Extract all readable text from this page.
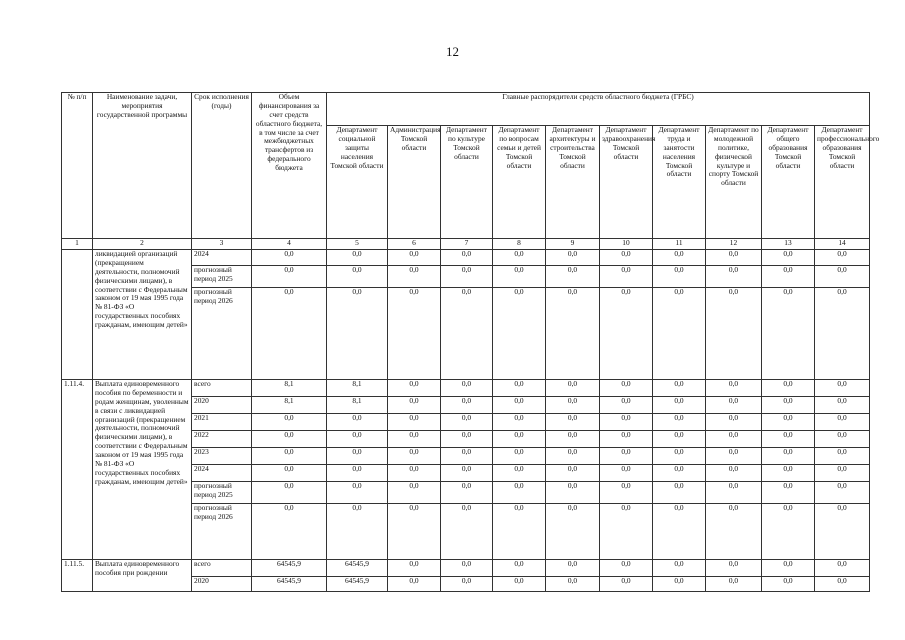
12
№ п/п	Наименование задачи, мероприятия государственной программы	Срок исполнения (годы)	Объем финансирования за счет средств областного бюджета, в том числе за счет межбюджетных трансфертов из федерального бюджета	Главные распорядители средств областного бюджета (ГРБС)									
				Департамент социальной защиты населения Томской области	Администрация Томской области	Департамент по культуре Томской области	Департамент по вопросам семьи и детей Томской области	Департамент архитектуры и строительства Томской области	Департамент здравоохранения Томской области	Департамент труда и занятости населения Томской области	Департамент по молодежной политике, физической культуре и спорту Томской области	Департамент общего образования Томской области	Департамент профессионального образования Томской области
1	2	3	4	5	6	7	8	9	10	11	12	13	14
	ликвидацией организаций (прекращением деятельности, полномочий физическими лицами), в соответствии с Федеральным законом от 19 мая 1995 года № 81-ФЗ «О государственных пособиях гражданам, имеющим детей»	2024	0,0	0,0	0,0	0,0	0,0	0,0	0,0	0,0	0,0	0,0	0,0
		прогнозный период 2025	0,0	0,0	0,0	0,0	0,0	0,0	0,0	0,0	0,0	0,0	0,0
		прогнозный период 2026	0,0	0,0	0,0	0,0	0,0	0,0	0,0	0,0	0,0	0,0	0,0
1.11.4.	Выплата единовременного пособия по беременности и родам женщинам, уволенным в связи с ликвидацией организаций (прекращением деятельности, полномочий физическими лицами), в соответствии с Федеральным законом от 19 мая 1995 года № 81-ФЗ «О государственных пособиях гражданам, имеющим детей»	всего	8,1	8,1	0,0	0,0	0,0	0,0	0,0	0,0	0,0	0,0	0,0
		2020	8,1	8,1	0,0	0,0	0,0	0,0	0,0	0,0	0,0	0,0	0,0
		2021	0,0	0,0	0,0	0,0	0,0	0,0	0,0	0,0	0,0	0,0	0,0
		2022	0,0	0,0	0,0	0,0	0,0	0,0	0,0	0,0	0,0	0,0	0,0
		2023	0,0	0,0	0,0	0,0	0,0	0,0	0,0	0,0	0,0	0,0	0,0
		2024	0,0	0,0	0,0	0,0	0,0	0,0	0,0	0,0	0,0	0,0	0,0
		прогнозный период 2025	0,0	0,0	0,0	0,0	0,0	0,0	0,0	0,0	0,0	0,0	0,0
		прогнозный период 2026	0,0	0,0	0,0	0,0	0,0	0,0	0,0	0,0	0,0	0,0	0,0
1.11.5.	Выплата единовременного пособия при рождении	всего	64545,9	64545,9	0,0	0,0	0,0	0,0	0,0	0,0	0,0	0,0	0,0
		2020	64545,9	64545,9	0,0	0,0	0,0	0,0	0,0	0,0	0,0	0,0	0,0
